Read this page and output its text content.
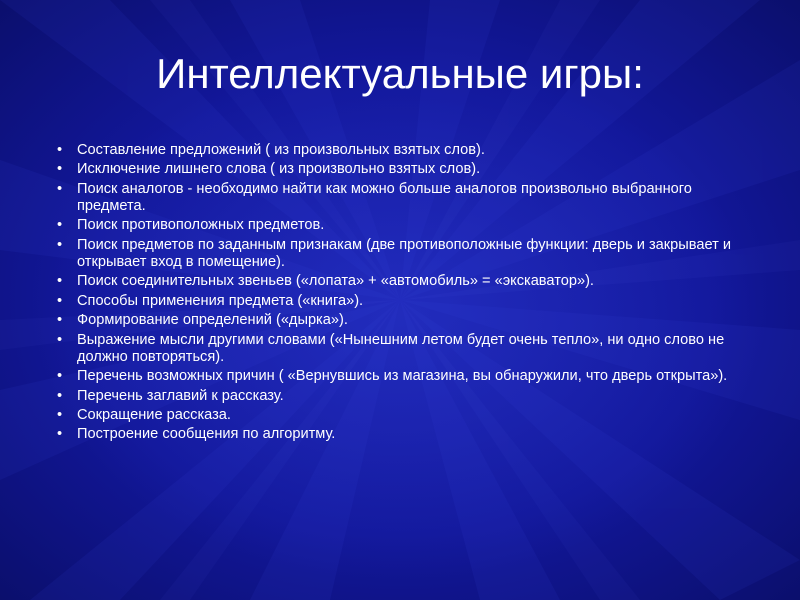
Интеллектуальные игры:
• Составление предложений ( из произвольных взятых слов).
• Исключение лишнего слова ( из произвольно взятых слов).
• Поиск аналогов - необходимо найти как можно больше аналогов произвольно выбранного предмета.
• Поиск противоположных предметов.
• Поиск предметов по заданным признакам (две противоположные функции: дверь и закрывает и открывает вход в помещение).
• Поиск соединительных звеньев («лопата» + «автомобиль» = «экскаватор»).
• Способы применения предмета («книга»).
• Формирование определений («дырка»).
• Выражение мысли другими словами («Нынешним летом будет очень тепло», ни одно слово не должно повторяться).
• Перечень возможных причин ( «Вернувшись из магазина, вы обнаружили, что дверь открыта»).
• Перечень заглавий к рассказу.
• Сокращение рассказа.
• Построение сообщения по алгоритму.
